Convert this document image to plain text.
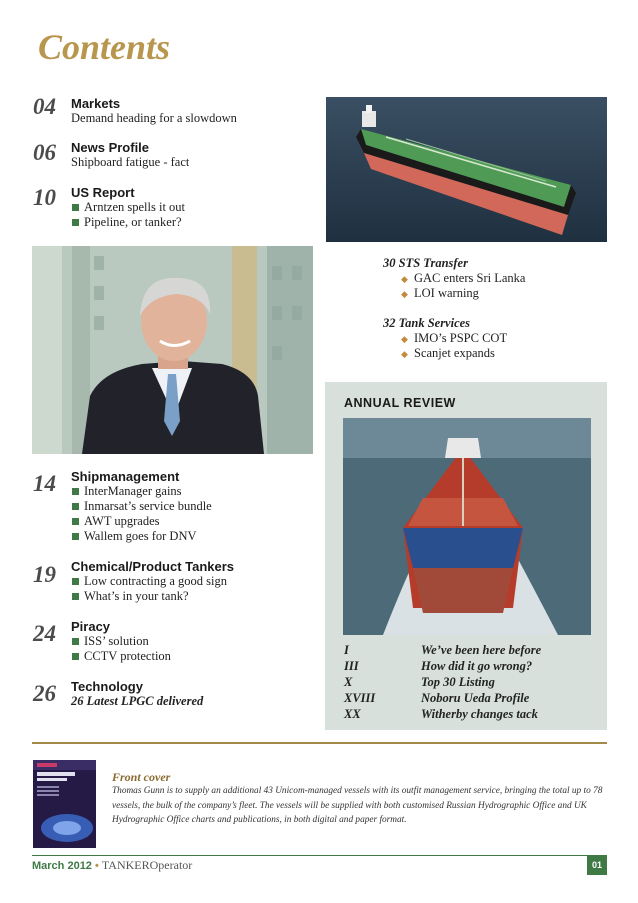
Contents
04 Markets
Demand heading for a slowdown
06 News Profile
Shipboard fatigue - fact
10 US Report
Arntzen spells it out
Pipeline, or tanker?
30 STS Transfer
◆ GAC enters Sri Lanka
◆ LOI warning
32 Tank Services
◆ IMO’s PSPC COT
◆ Scanjet expands
14 Shipmanagement
InterManager gains
Inmarsat’s service bundle
AWT upgrades
Wallem goes for DNV
19 Chemical/Product Tankers
Low contracting a good sign
What’s in your tank?
24 Piracy
ISS’ solution
CCTV protection
26 Technology
26 Latest LPGC delivered
ANNUAL REVIEW
I	We’ve been here before
III	How did it go wrong?
X	Top 30 Listing
XVIII	Noboru Ueda Profile
XX	Witherby changes tack
Front cover
Thomas Gunn is to supply an additional 43 Unicom-managed vessels with its outfit management service, bringing the total up to 78 vessels, the bulk of the company’s fleet. The vessels will be supplied with both customised Russian Hydrographic Office and UK Hydrographic Office charts and publications, in both digital and paper format.
March 2012 • TANKEROperator	01
